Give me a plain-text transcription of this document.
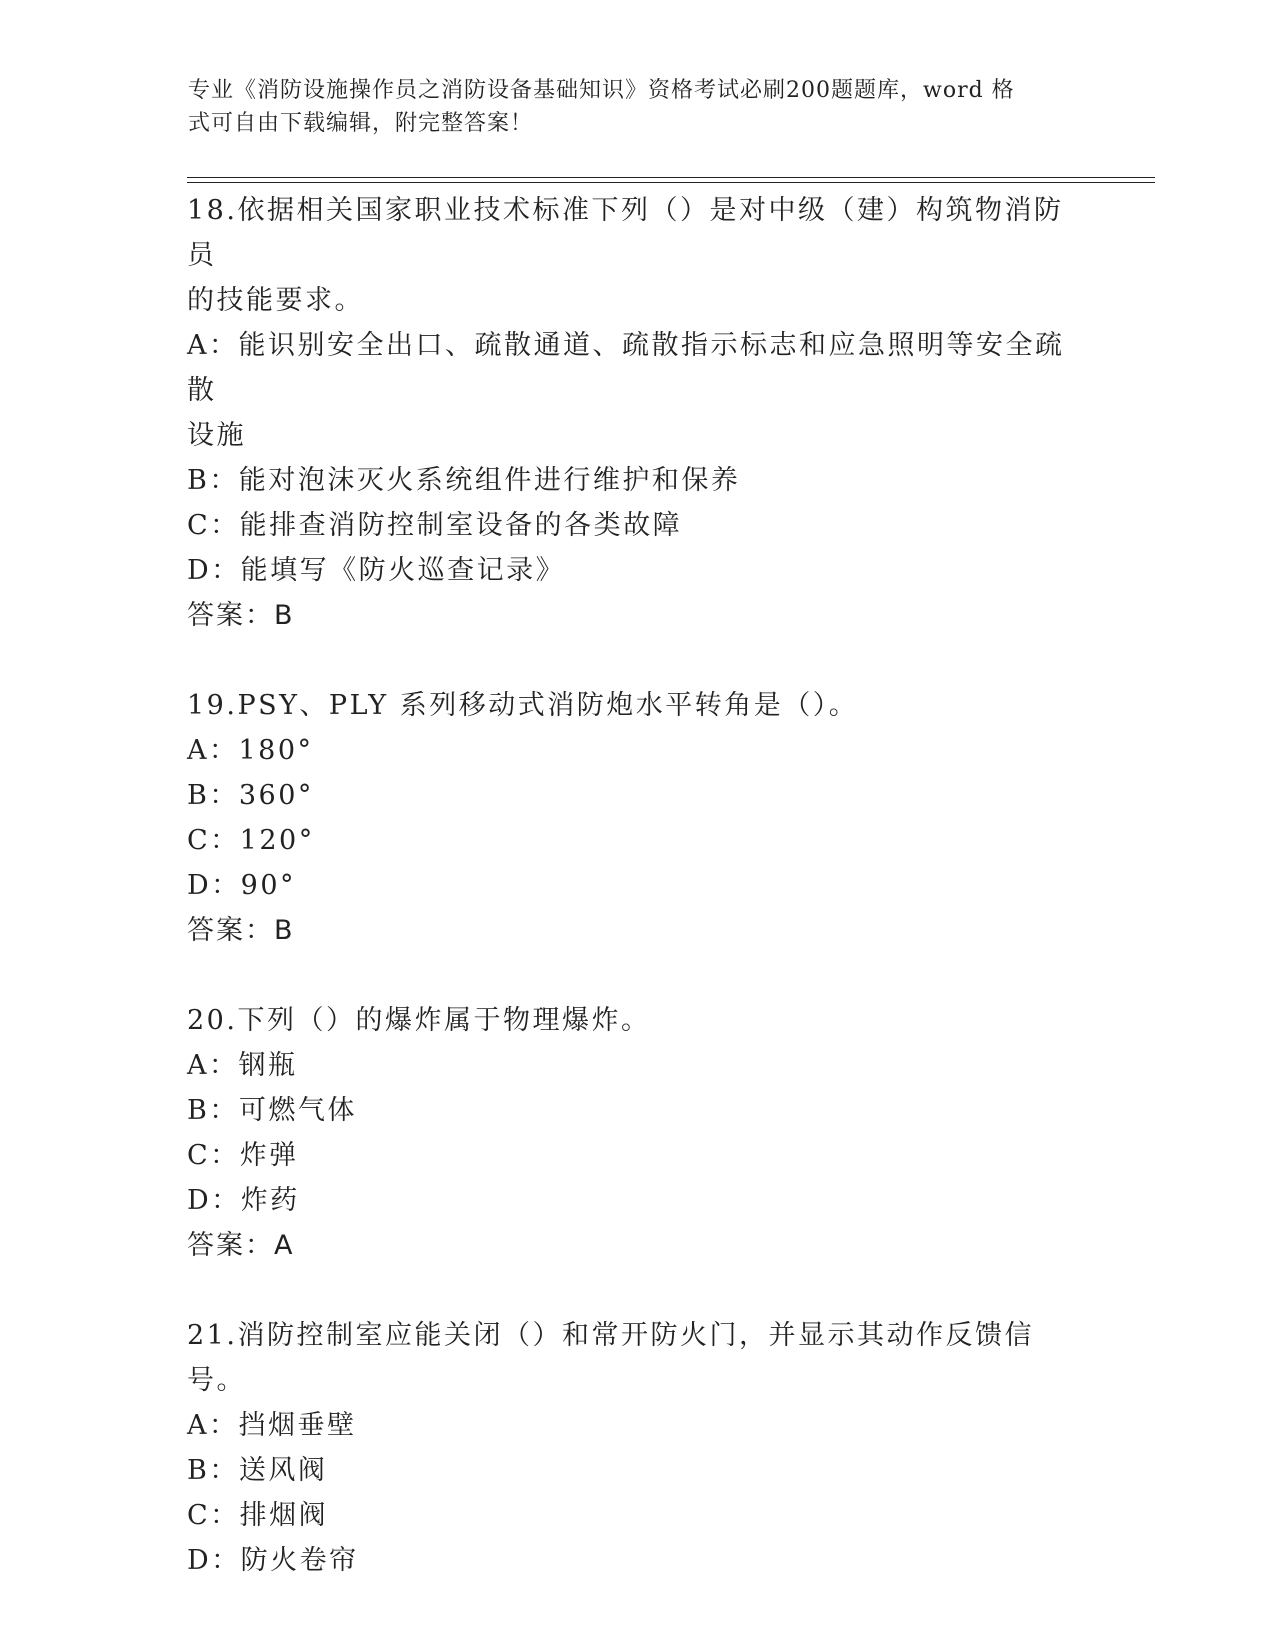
专业《消防设施操作员之消防设备基础知识》资格考试必刷200题题库，word 格
式可自由下载编辑，附完整答案！

18.依据相关国家职业技术标准下列（）是对中级（建）构筑物消防员

的技能要求。

A：能识别安全出口、疏散通道、疏散指示标志和应急照明等安全疏散

设施

B：能对泡沫灭火系统组件进行维护和保养

C：能排查消防控制室设备的各类故障

D：能填写《防火巡查记录》

答案：B

19.PSY、PLY 系列移动式消防炮水平转角是（）。

A：180°

B：360°

C：120°

D：90°

答案：B

20.下列（）的爆炸属于物理爆炸。

A：钢瓶

B：可燃气体

C：炸弹

D：炸药

答案：A

21.消防控制室应能关闭（）和常开防火门，并显示其动作反馈信号。

A：挡烟垂壁

B：送风阀

C：排烟阀

D：防火卷帘
